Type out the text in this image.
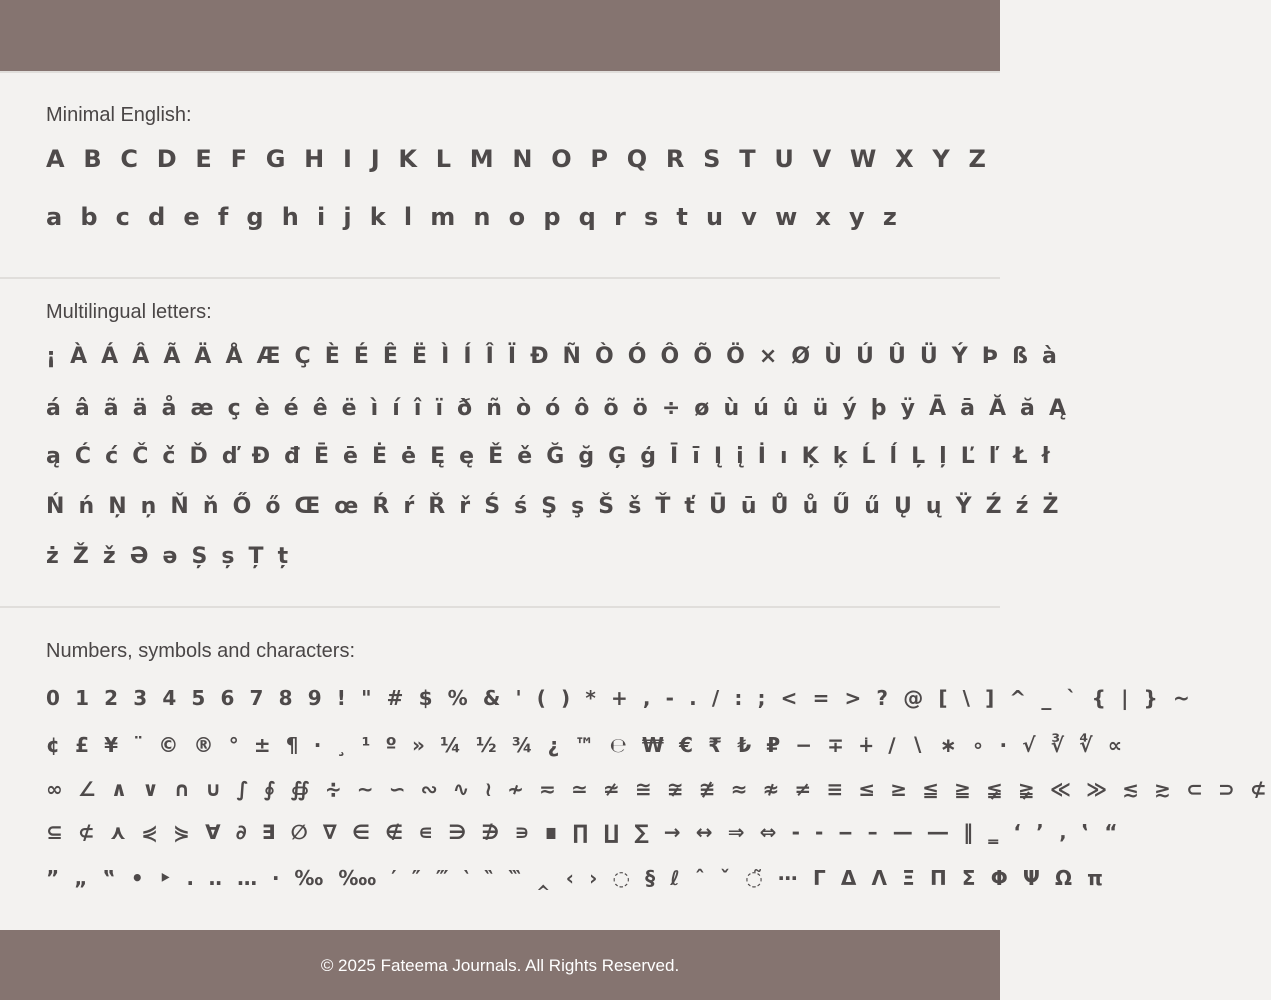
Minimal English:
A B C D E F G H I J K L M N O P Q R S T U V W X Y Z
a b c d e f g h i j k l m n o p q r s t u v w x y z
Multilingual letters:
¡ À Á Â Ã Ä Å Æ Ç È É Ê Ë Ì Í Î Ï Ð Ñ Ò Ó Ô Õ Ö × Ø Ù Ú Û Ü Ý Þ ß à
á â ã ä å æ ç è é ê ë ì í î ï ð ñ ò ó ô õ ö ÷ ø ù ú û ü ý þ ÿ Ā ā Ă ă Ą
ą Ć ć Č č Ď ď Đ đ Ē ē Ė ė Ę ę Ě ě Ğ ğ Ģ ģ Ī ī Į į İ ı Ķ ķ Ĺ ĺ Ļ ļ Ľ ľ Ł ł
Ń ń Ņ ņ Ň ň Ő ő Œ œ Ŕ ŕ Ř ř Ś ś Ş ş Š š Ť ť Ū ū Ů ů Ű ű Ų ų Ÿ Ź ź Ż
ż Ž ž Ə ə Ș ș Ț ț
Numbers, symbols and characters:
0 1 2 3 4 5 6 7 8 9 ! " # $ % & ' ( ) * + , - . / : ; < = > ? @ [ \ ] ^ _ ` { | } ~
¢ £ ¥ ¨ © ® ° ± ¶ · ¸ ¹ º » ¼ ½ ¾ ¿ ™ ℮ ₩ € ₹ ₺ ₽ − ∓ ∔ ∕ ∖ ∗ ∘ ∙ √ ∛ ∜ ∝
∞ ∠ ∧ ∨ ∩ ∪ ∫ ∮ ∯ ∻ ∼ ∽ ∾ ∿ ≀ ≁ ≂ ≃ ≄ ≅ ≆ ≇ ≈ ≉ ≠ ≡ ≤ ≥ ≦ ≧ ≨ ≩ ≪ ≫ ≲ ≳ ⊂ ⊃ ⊄
⊆ ⊄ ⋏ ⋞ ⋟ ∀ ∂ ∃ ∅ ∇ ∈ ∉ ∊ ∋ ∌ ∍ ∎ ∏ ∐ ∑ → ↔ ⇒ ⇔ ‐ ‑ ‒ – — ― ‖ ‗ ‘ ’ ‚ ‛ “
” „ ‟ • ‣ ․ ‥ … ‧ ‰ ‱ ′ ″ ‴ ‵ ‶ ‷ ‸ ‹ › ◌ § ℓ ˆ ˇ ◌̃ ⋯ Γ Δ Λ Ξ Π Σ Φ Ψ Ω π
© 2025 Fateema Journals. All Rights Reserved.
